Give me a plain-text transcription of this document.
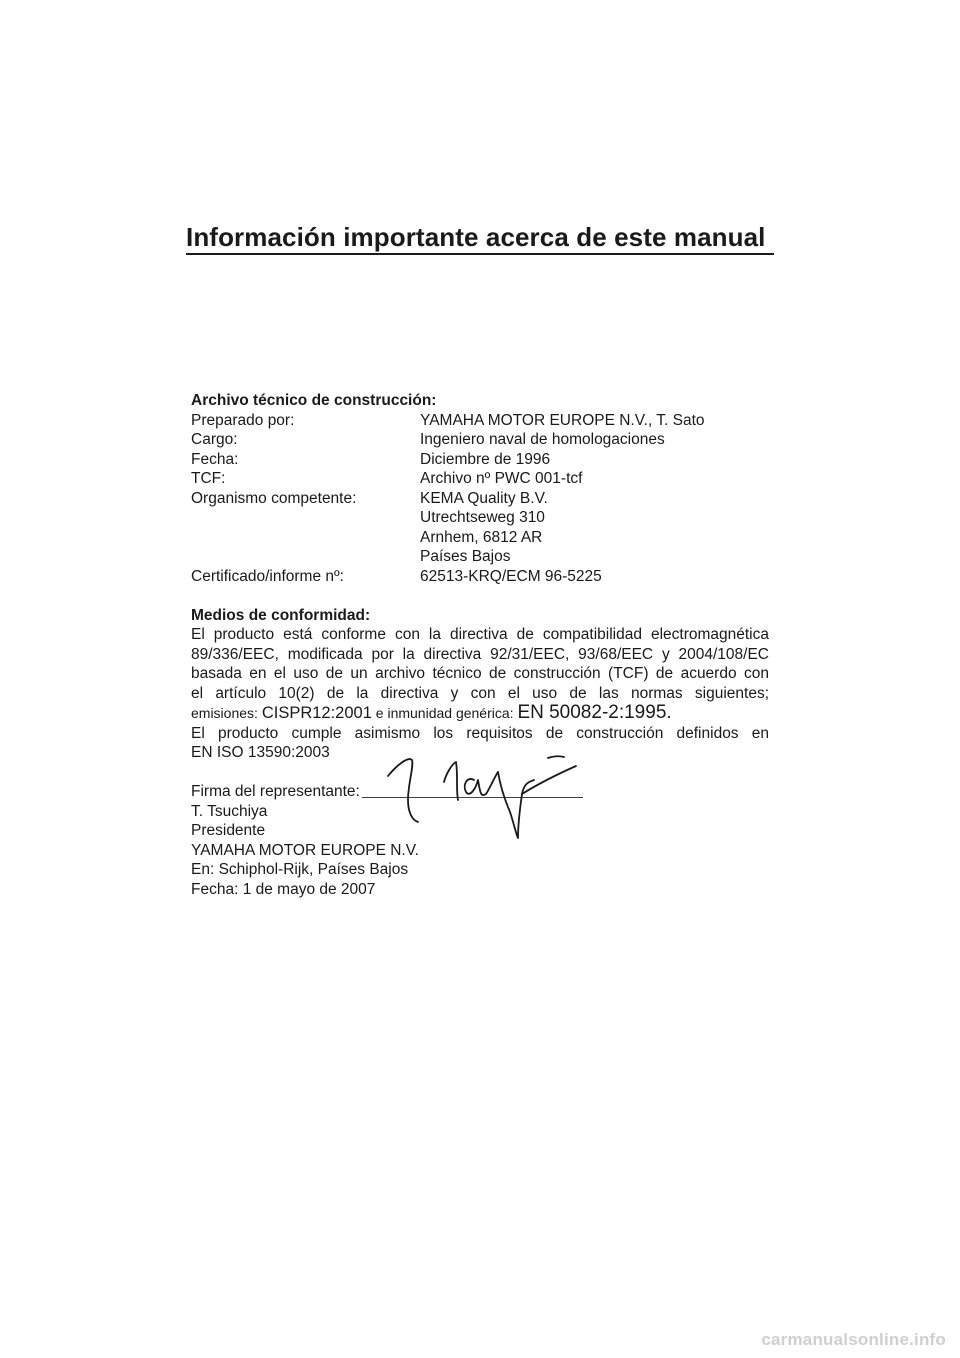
Información importante acerca de este manual
Archivo técnico de construcción:
Preparado por:	YAMAHA MOTOR EUROPE N.V., T. Sato
Cargo:	Ingeniero naval de homologaciones
Fecha:	Diciembre de 1996
TCF:	Archivo nº PWC 001-tcf
Organismo competente:	KEMA Quality B.V.
Utrechtseweg 310
Arnhem, 6812 AR
Países Bajos
Certificado/informe nº:	62513-KRQ/ECM 96-5225
Medios de conformidad:
El producto está conforme con la directiva de compatibilidad electromagnética
89/336/EEC, modificada por la directiva 92/31/EEC, 93/68/EEC y 2004/108/EC
basada en el uso de un archivo técnico de construcción (TCF) de acuerdo con
el artículo 10(2) de la directiva y con el uso de las normas siguientes;
emisiones: CISPR12:2001 e inmunidad genérica: EN 50082-2:1995.
El producto cumple asimismo los requisitos de construcción definidos en
EN ISO 13590:2003
Firma del representante:
T. Tsuchiya
Presidente
YAMAHA MOTOR EUROPE N.V.
En: Schiphol-Rijk, Países Bajos
Fecha: 1 de mayo de 2007
carmanualsonline.info
